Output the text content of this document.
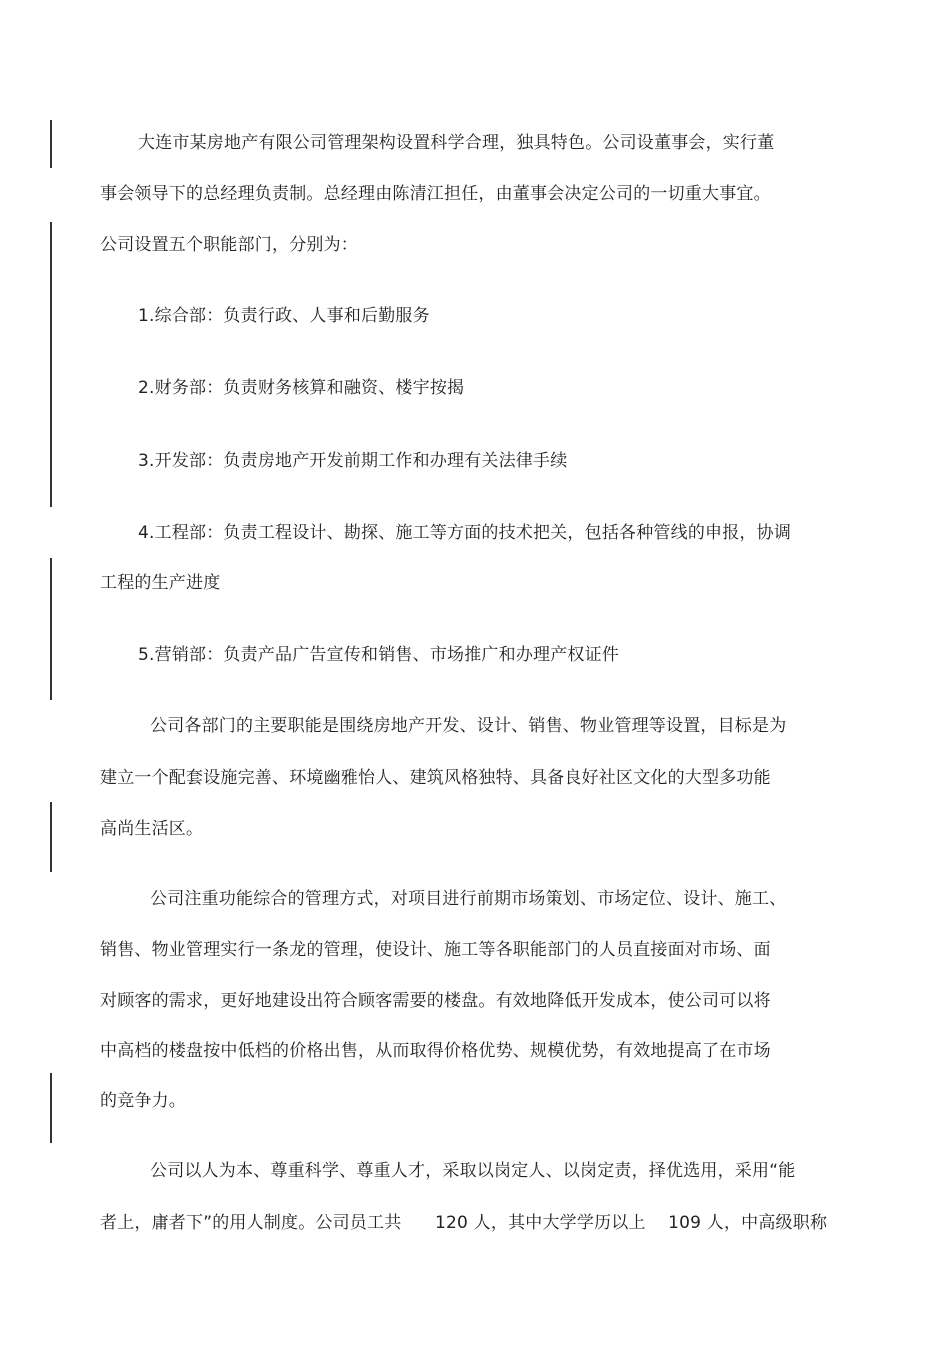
大连市某房地产有限公司管理架构设置科学合理，独具特色。公司设董事会，实行董
事会领导下的总经理负责制。总经理由陈清江担任，由董事会决定公司的一切重大事宜。
公司设置五个职能部门，分别为：
1.综合部：负责行政、人事和后勤服务
2.财务部：负责财务核算和融资、楼宇按揭
3.开发部：负责房地产开发前期工作和办理有关法律手续
4.工程部：负责工程设计、勘探、施工等方面的技术把关，包括各种管线的申报，协调
工程的生产进度
5.营销部：负责产品广告宣传和销售、市场推广和办理产权证件
公司各部门的主要职能是围绕房地产开发、设计、销售、物业管理等设置，目标是为
建立一个配套设施完善、环境幽雅怡人、建筑风格独特、具备良好社区文化的大型多功能
高尚生活区。
公司注重功能综合的管理方式，对项目进行前期市场策划、市场定位、设计、施工、
销售、物业管理实行一条龙的管理，使设计、施工等各职能部门的人员直接面对市场、面
对顾客的需求，更好地建设出符合顾客需要的楼盘。有效地降低开发成本，使公司可以将
中高档的楼盘按中低档的价格出售，从而取得价格优势、规模优势，有效地提高了在市场
的竞争力。
公司以人为本、尊重科学、尊重人才，采取以岗定人、以岗定责，择优选用，采用“能
者上，庸者下”的用人制度。公司员工共      120 人，其中大学学历以上    109 人，中高级职称
